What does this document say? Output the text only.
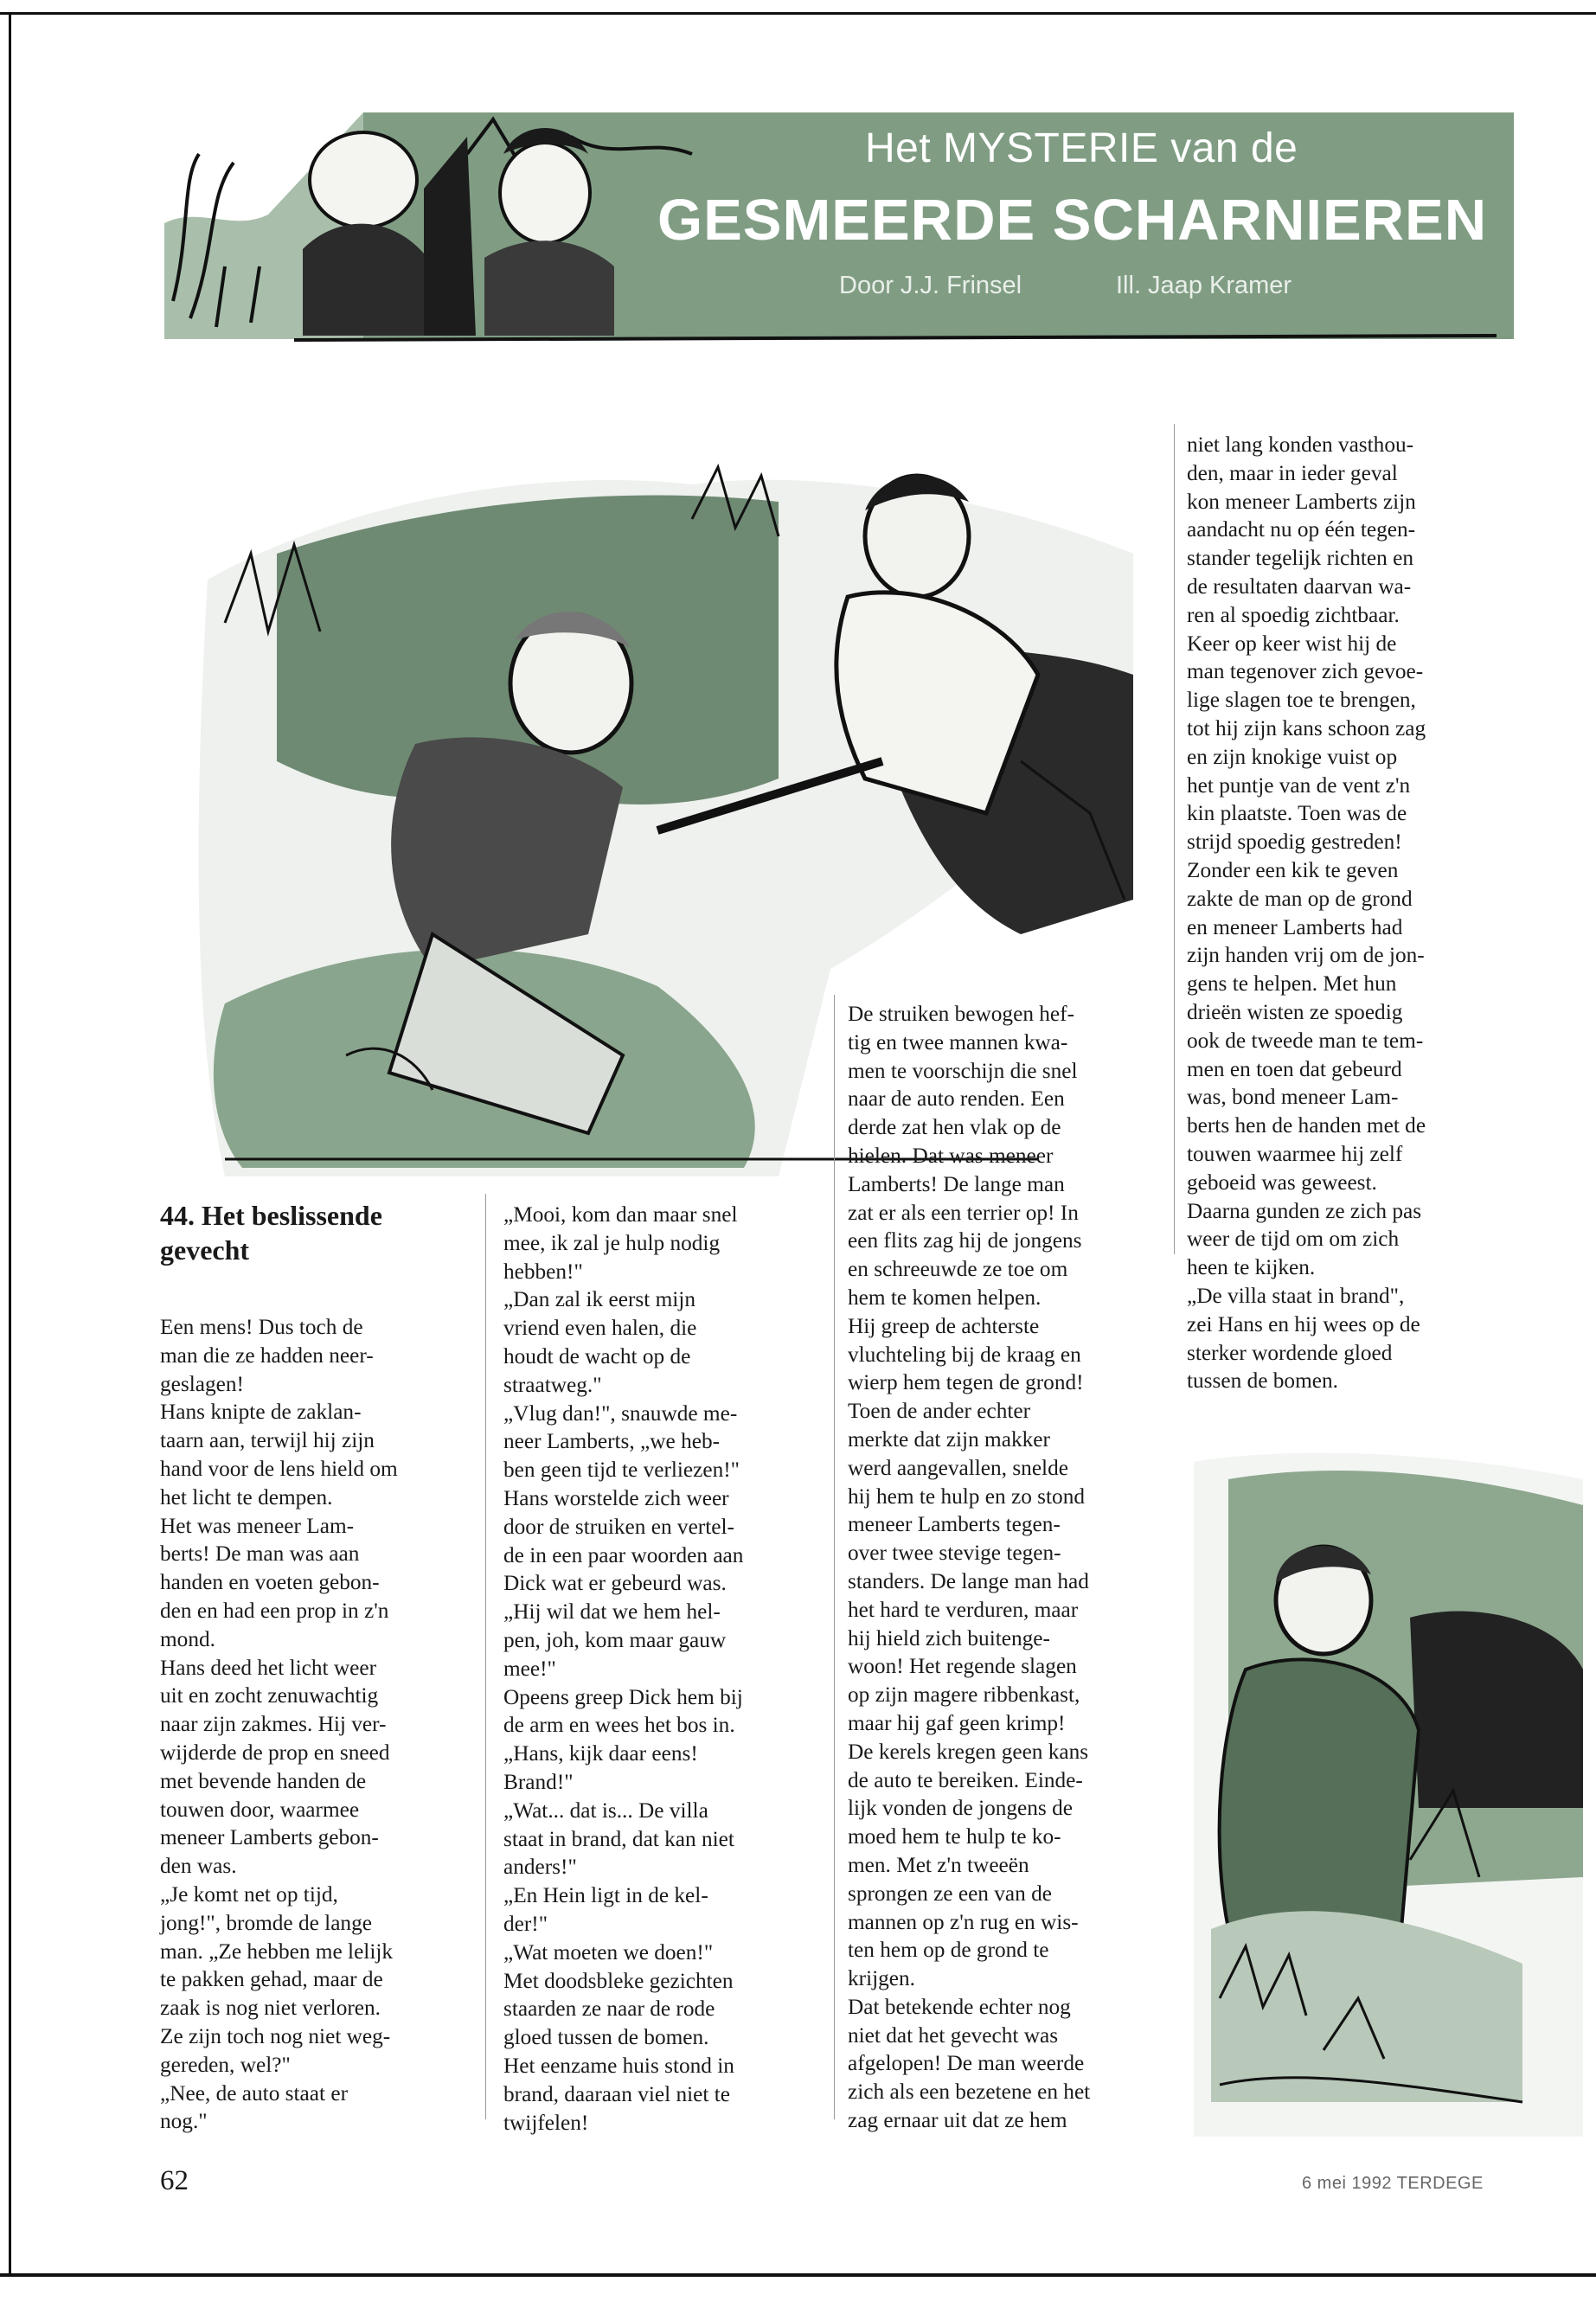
Het MYSTERIE van de
GESMEERDE SCHARNIEREN
Door J.J. Frinsel	Ill. Jaap Kramer
44. Het beslissende gevecht
Een mens! Dus toch de
man die ze hadden neer-
geslagen!
Hans knipte de zaklan-
taarn aan, terwijl hij zijn
hand voor de lens hield om
het licht te dempen.
Het was meneer Lam-
berts! De man was aan
handen en voeten gebon-
den en had een prop in z'n
mond.
Hans deed het licht weer
uit en zocht zenuwachtig
naar zijn zakmes. Hij ver-
wijderde de prop en sneed
met bevende handen de
touwen door, waarmee
meneer Lamberts gebon-
den was.
„Je komt net op tijd,
jong!", bromde de lange
man. „Ze hebben me lelijk
te pakken gehad, maar de
zaak is nog niet verloren.
Ze zijn toch nog niet weg-
gereden, wel?"
„Nee, de auto staat er
nog."
„Mooi, kom dan maar snel
mee, ik zal je hulp nodig
hebben!"
„Dan zal ik eerst mijn
vriend even halen, die
houdt de wacht op de
straatweg."
„Vlug dan!", snauwde me-
neer Lamberts, „we heb-
ben geen tijd te verliezen!"
Hans worstelde zich weer
door de struiken en vertel-
de in een paar woorden aan
Dick wat er gebeurd was.
„Hij wil dat we hem hel-
pen, joh, kom maar gauw
mee!"
Opeens greep Dick hem bij
de arm en wees het bos in.
„Hans, kijk daar eens!
Brand!"
„Wat... dat is... De villa
staat in brand, dat kan niet
anders!"
„En Hein ligt in de kel-
der!"
„Wat moeten we doen!"
Met doodsbleke gezichten
staarden ze naar de rode
gloed tussen de bomen.
Het eenzame huis stond in
brand, daaraan viel niet te
twijfelen!
De struiken bewogen hef-
tig en twee mannen kwa-
men te voorschijn die snel
naar de auto renden. Een
derde zat hen vlak op de
hielen. Dat was meneer
Lamberts! De lange man
zat er als een terrier op! In
een flits zag hij de jongens
en schreeuwde ze toe om
hem te komen helpen.
Hij greep de achterste
vluchteling bij de kraag en
wierp hem tegen de grond!
Toen de ander echter
merkte dat zijn makker
werd aangevallen, snelde
hij hem te hulp en zo stond
meneer Lamberts tegen-
over twee stevige tegen-
standers. De lange man had
het hard te verduren, maar
hij hield zich buitenge-
woon! Het regende slagen
op zijn magere ribbenkast,
maar hij gaf geen krimp!
De kerels kregen geen kans
de auto te bereiken. Einde-
lijk vonden de jongens de
moed hem te hulp te ko-
men. Met z'n tweeën
sprongen ze een van de
mannen op z'n rug en wis-
ten hem op de grond te
krijgen.
Dat betekende echter nog
niet dat het gevecht was
afgelopen! De man weerde
zich als een bezetene en het
zag ernaar uit dat ze hem
niet lang konden vasthou-
den, maar in ieder geval
kon meneer Lamberts zijn
aandacht nu op één tegen-
stander tegelijk richten en
de resultaten daarvan wa-
ren al spoedig zichtbaar.
Keer op keer wist hij de
man tegenover zich gevoe-
lige slagen toe te brengen,
tot hij zijn kans schoon zag
en zijn knokige vuist op
het puntje van de vent z'n
kin plaatste. Toen was de
strijd spoedig gestreden!
Zonder een kik te geven
zakte de man op de grond
en meneer Lamberts had
zijn handen vrij om de jon-
gens te helpen. Met hun
drieën wisten ze spoedig
ook de tweede man te tem-
men en toen dat gebeurd
was, bond meneer Lam-
berts hen de handen met de
touwen waarmee hij zelf
geboeid was geweest.
Daarna gunden ze zich pas
weer de tijd om om zich
heen te kijken.
„De villa staat in brand",
zei Hans en hij wees op de
sterker wordende gloed
tussen de bomen.
62	6 mei 1992 TERDEGE
